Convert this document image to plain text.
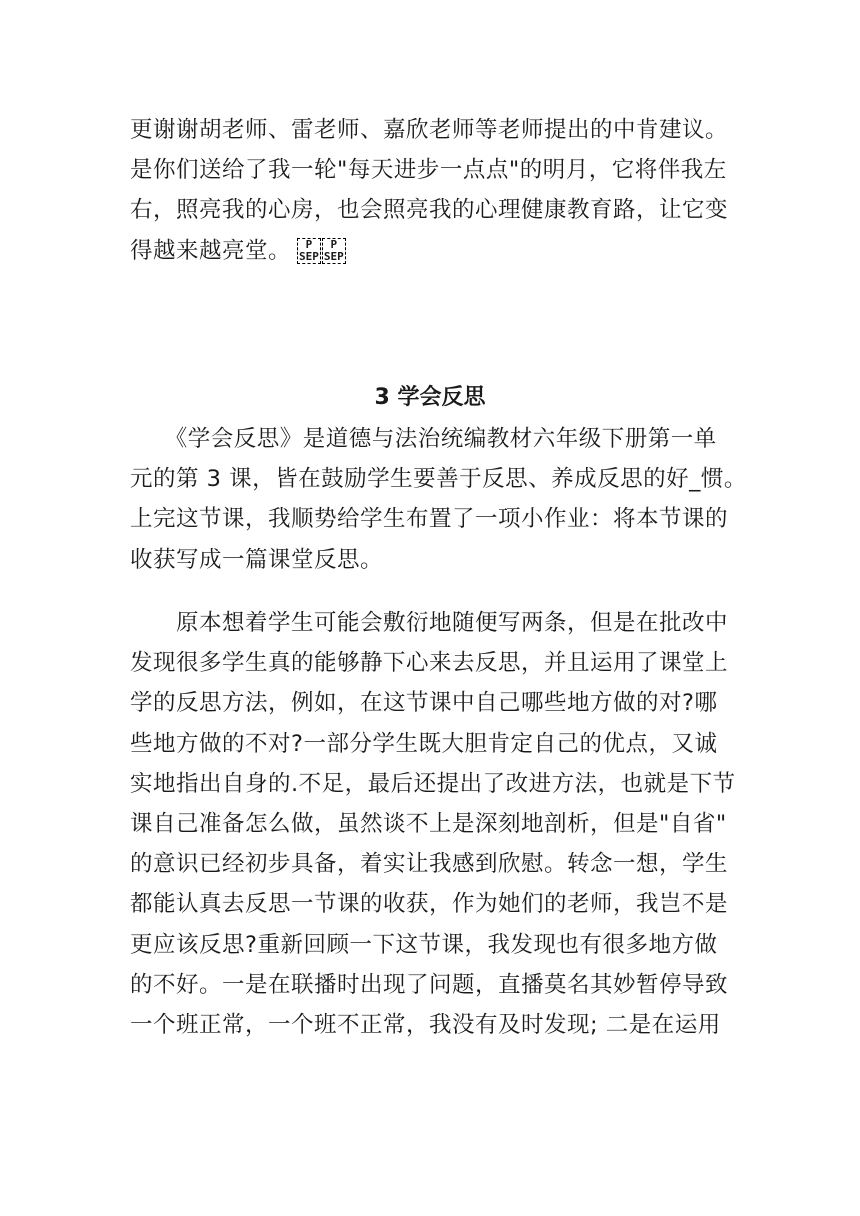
更谢谢胡老师、雷老师、嘉欣老师等老师提出的中肯建议。
是你们送给了我一轮"每天进步一点点"的明月，它将伴我左
右，照亮我的心房，也会照亮我的心理健康教育路，让它变
得越来越亮堂。 P
SEPP
SEP
3 学会反思
　　《学会反思》是道德与法治统编教材六年级下册第一单
元的第 3 课，皆在鼓励学生要善于反思、养成反思的好_惯。
上完这节课，我顺势给学生布置了一项小作业：将本节课的
收获写成一篇课堂反思。
　　原本想着学生可能会敷衍地随便写两条，但是在批改中
发现很多学生真的能够静下心来去反思，并且运用了课堂上
学的反思方法，例如，在这节课中自己哪些地方做的对?哪
些地方做的不对?一部分学生既大胆肯定自己的优点，又诚
实地指出自身的.不足，最后还提出了改进方法，也就是下节
课自己准备怎么做，虽然谈不上是深刻地剖析，但是"自省"
的意识已经初步具备，着实让我感到欣慰。转念一想，学生
都能认真去反思一节课的收获，作为她们的老师，我岂不是
更应该反思?重新回顾一下这节课，我发现也有很多地方做
的不好。一是在联播时出现了问题，直播莫名其妙暂停导致
一个班正常，一个班不正常，我没有及时发现; 二是在运用
